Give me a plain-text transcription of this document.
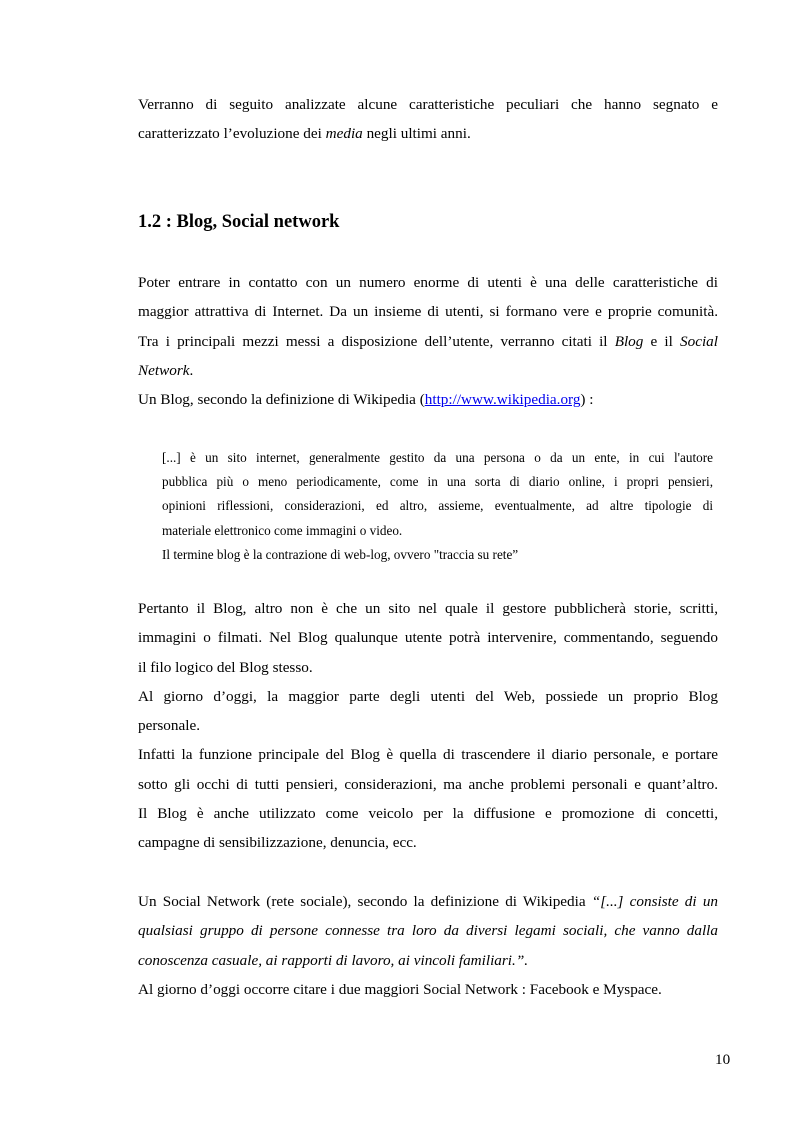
Verranno di seguito analizzate alcune caratteristiche peculiari che hanno segnato e
caratterizzato l’evoluzione dei media negli ultimi anni.
1.2 : Blog, Social network
Poter entrare in contatto con un numero enorme di utenti è una delle caratteristiche di
maggior attrattiva di Internet. Da un insieme di utenti, si formano vere e proprie comunità.
Tra i principali mezzi messi a disposizione dell’utente, verranno citati il Blog e il Social
Network.
Un Blog, secondo la definizione di Wikipedia (http://www.wikipedia.org) :
[...] è un sito internet, generalmente gestito da una persona o da un ente, in cui l'autore
pubblica più o meno periodicamente, come in una sorta di diario online, i propri pensieri,
opinioni riflessioni, considerazioni, ed altro, assieme, eventualmente, ad altre tipologie di
materiale elettronico come immagini o video.
Il termine blog è la contrazione di web-log, ovvero "traccia su rete”
Pertanto il Blog, altro non è che un sito nel quale il gestore pubblicherà storie, scritti,
immagini o filmati. Nel Blog qualunque utente potrà intervenire, commentando, seguendo
il filo logico del Blog stesso.
Al giorno d’oggi, la maggior parte degli utenti del Web, possiede un proprio Blog
personale.
Infatti la funzione principale del Blog è quella di trascendere il diario personale, e portare
sotto gli occhi di tutti pensieri, considerazioni, ma anche problemi personali e quant’altro.
Il Blog è anche utilizzato come veicolo per la diffusione e promozione di concetti,
campagne di sensibilizzazione, denuncia, ecc.
Un Social Network (rete sociale), secondo la definizione di Wikipedia “[...] consiste di un
qualsiasi gruppo di persone connesse tra loro da diversi legami sociali, che vanno dalla
conoscenza casuale, ai rapporti di lavoro, ai vincoli familiari.”.
Al giorno d’oggi occorre citare i due maggiori Social Network : Facebook e Myspace.
10
